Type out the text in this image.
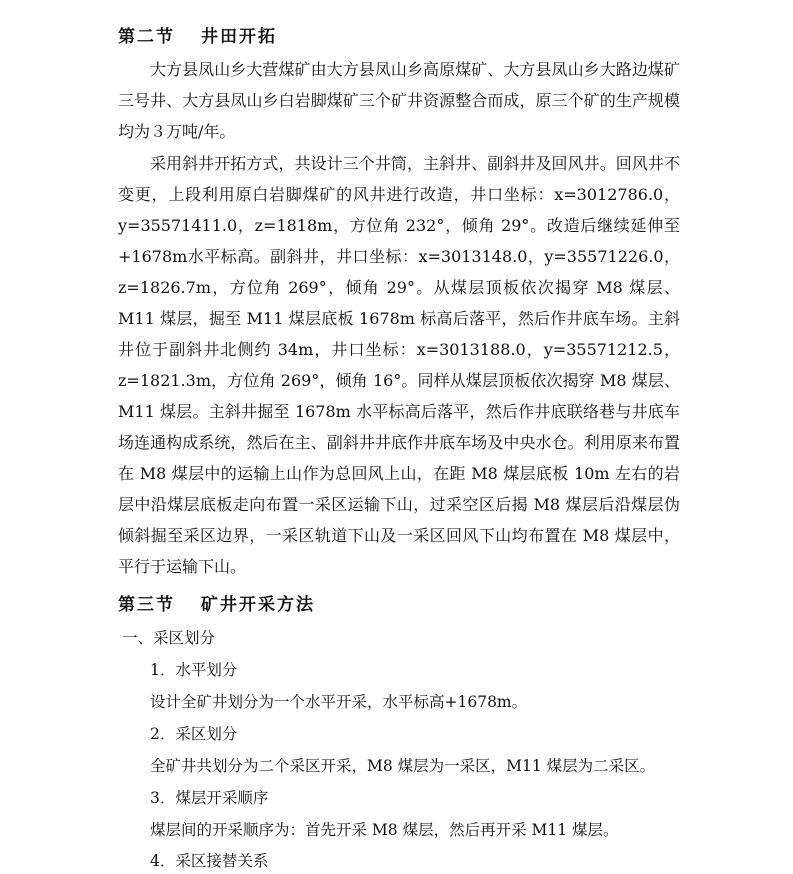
第二节 井田开拓

大方县凤山乡大营煤矿由大方县凤山乡高原煤矿、大方县凤山乡大路边煤矿三号井、大方县凤山乡白岩脚煤矿三个矿井资源整合而成，原三个矿的生产规模均为３万吨/年。

采用斜井开拓方式，共设计三个井筒，主斜井、副斜井及回风井。回风井不变更，上段利用原白岩脚煤矿的风井进行改造，井口坐标：x=3012786.0，y=35571411.0，z=1818m，方位角 232°，倾角 29°。改造后继续延伸至+1678m水平标高。副斜井，井口坐标：x=3013148.0，y=35571226.0，z=1826.7m，方位角 269°，倾角 29°。从煤层顶板依次揭穿 M8 煤层、M11 煤层，掘至 M11 煤层底板 1678m 标高后落平，然后作井底车场。主斜井位于副斜井北侧约 34m，井口坐标：x=3013188.0，y=35571212.5，z=1821.3m，方位角 269°，倾角 16°。同样从煤层顶板依次揭穿 M8 煤层、M11 煤层。主斜井掘至 1678m 水平标高后落平，然后作井底联络巷与井底车场连通构成系统，然后在主、副斜井井底作井底车场及中央水仓。利用原来布置在 M8 煤层中的运输上山作为总回风上山，在距 M8 煤层底板 10m 左右的岩层中沿煤层底板走向布置一采区运输下山，过采空区后揭 M8 煤层后沿煤层伪倾斜掘至采区边界，一采区轨道下山及一采区回风下山均布置在 M8 煤层中，平行于运输下山。

第三节 矿井开采方法
一、采区划分
1．水平划分
设计全矿井划分为一个水平开采，水平标高+1678m。
2．采区划分
全矿井共划分为二个采区开采，M8 煤层为一采区，M11 煤层为二采区。
3．煤层开采顺序
煤层间的开采顺序为：首先开采 M8 煤层，然后再开采 M11 煤层。
4．采区接替关系
